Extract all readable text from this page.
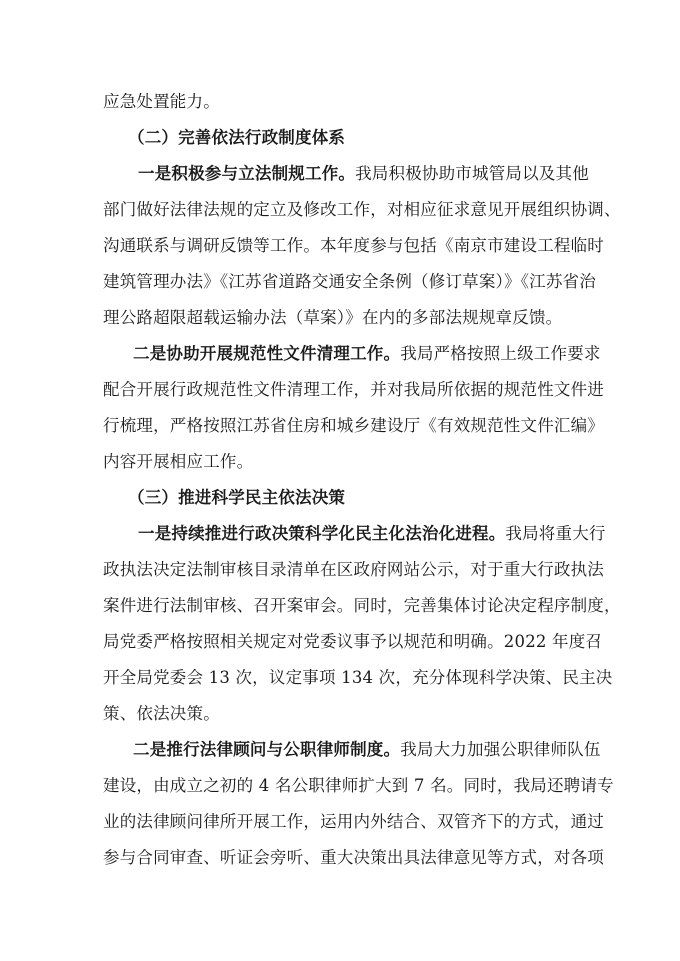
应急处置能力。
（二）完善依法行政制度体系
一是积极参与立法制规工作。我局积极协助市城管局以及其他
部门做好法律法规的定立及修改工作，对相应征求意见开展组织协调、
沟通联系与调研反馈等工作。本年度参与包括《南京市建设工程临时
建筑管理办法》《江苏省道路交通安全条例（修订草案）》《江苏省治
理公路超限超载运输办法（草案）》在内的多部法规规章反馈。
二是协助开展规范性文件清理工作。我局严格按照上级工作要求
配合开展行政规范性文件清理工作，并对我局所依据的规范性文件进
行梳理，严格按照江苏省住房和城乡建设厅《有效规范性文件汇编》
内容开展相应工作。
（三）推进科学民主依法决策
一是持续推进行政决策科学化民主化法治化进程。我局将重大行
政执法决定法制审核目录清单在区政府网站公示，对于重大行政执法
案件进行法制审核、召开案审会。同时，完善集体讨论决定程序制度，
局党委严格按照相关规定对党委议事予以规范和明确。2022 年度召
开全局党委会 13 次，议定事项 134 次，充分体现科学决策、民主决
策、依法决策。
二是推行法律顾问与公职律师制度。我局大力加强公职律师队伍
建设，由成立之初的 4 名公职律师扩大到 7 名。同时，我局还聘请专
业的法律顾问律所开展工作，运用内外结合、双管齐下的方式，通过
参与合同审查、听证会旁听、重大决策出具法律意见等方式，对各项
